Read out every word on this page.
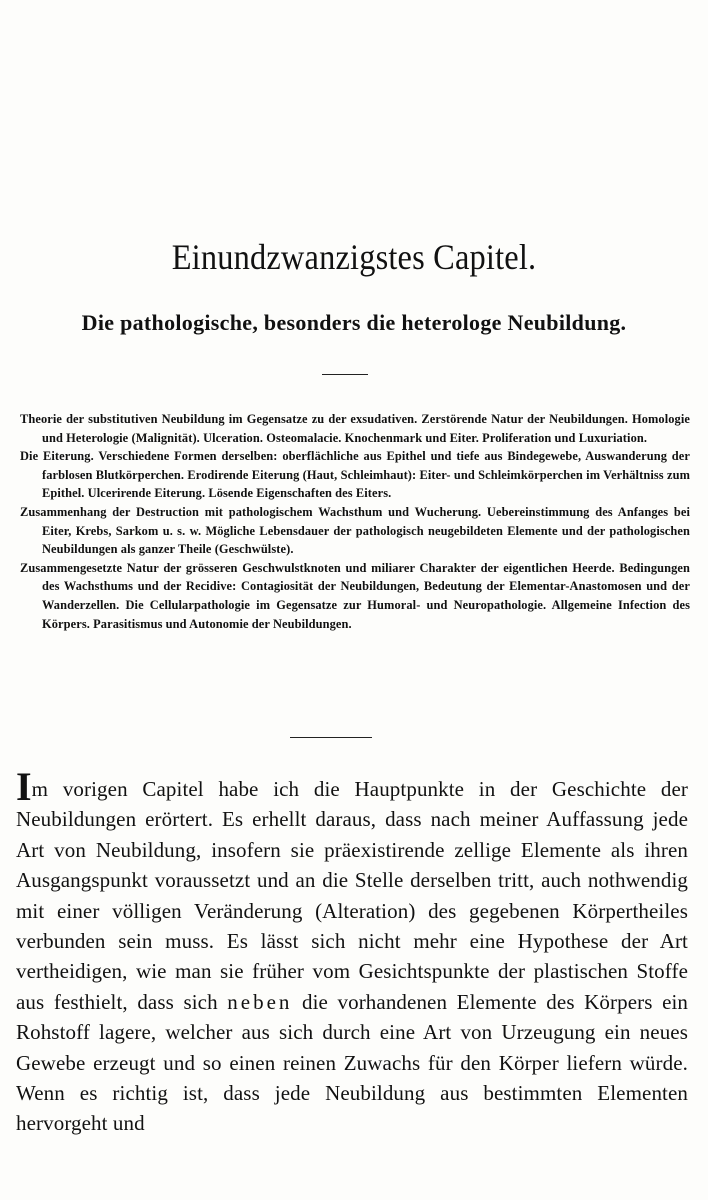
Einundzwanzigstes Capitel.
Die pathologische, besonders die heterologe Neubildung.

Theorie der substitutiven Neubildung im Gegensatze zu der exsudativen. Zerstörende Natur der Neubildungen. Homologie und Heterologie (Malignität). Ulceration. Osteomalacie. Knochenmark und Eiter. Proliferation und Luxuriation.

Die Eiterung. Verschiedene Formen derselben: oberflächliche aus Epithel und tiefe aus Bindegewebe, Auswanderung der farblosen Blutkörperchen. Erodirende Eiterung (Haut, Schleimhaut): Eiter- und Schleimkörperchen im Verhältniss zum Epithel. Ulcerirende Eiterung. Lösende Eigenschaften des Eiters.

Zusammenhang der Destruction mit pathologischem Wachsthum und Wucherung. Uebereinstimmung des Anfanges bei Eiter, Krebs, Sarkom u. s. w. Mögliche Lebensdauer der pathologisch neugebildeten Elemente und der pathologischen Neubildungen als ganzer Theile (Geschwülste).

Zusammengesetzte Natur der grösseren Geschwulstknoten und miliarer Charakter der eigentlichen Heerde. Bedingungen des Wachsthums und der Recidive: Contagiosität der Neubildungen, Bedeutung der Elementar-Anastomosen und der Wanderzellen. Die Cellularpathologie im Gegensatze zur Humoral- und Neuropathologie. Allgemeine Infection des Körpers. Parasitismus und Autonomie der Neubildungen.

Im vorigen Capitel habe ich die Hauptpunkte in der Geschichte der Neubildungen erörtert. Es erhellt daraus, dass nach meiner Auffassung jede Art von Neubildung, insofern sie präexistirende zellige Elemente als ihren Ausgangspunkt voraussetzt und an die Stelle derselben tritt, auch nothwendig mit einer völligen Veränderung (Alteration) des gegebenen Körpertheiles verbunden sein muss. Es lässt sich nicht mehr eine Hypothese der Art vertheidigen, wie man sie früher vom Gesichtspunkte der plastischen Stoffe aus festhielt, dass sich neben die vorhandenen Elemente des Körpers ein Rohstoff lagere, welcher aus sich durch eine Art von Urzeugung ein neues Gewebe erzeugt und so einen reinen Zuwachs für den Körper liefern würde. Wenn es richtig ist, dass jede Neubildung aus bestimmten Elementen hervorgeht und
